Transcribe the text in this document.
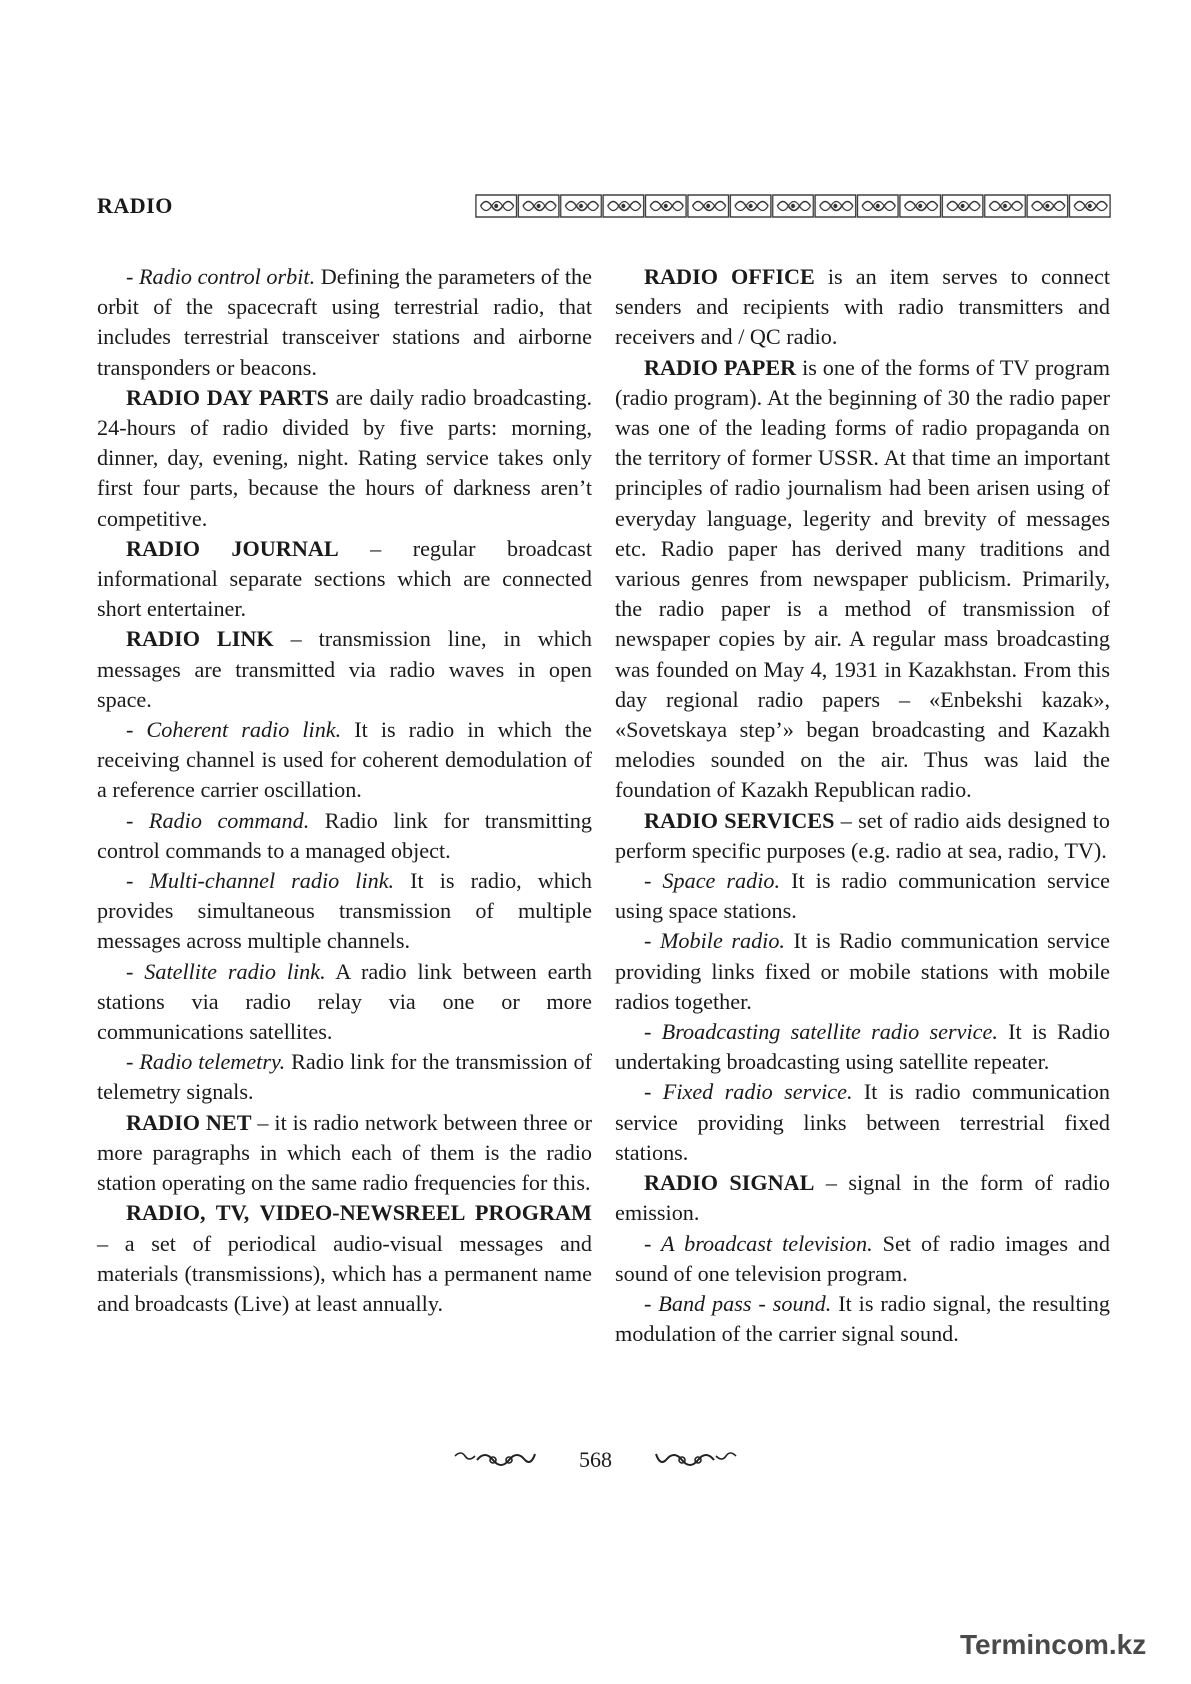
RADIO

- Radio control orbit. Defining the parameters of the orbit of the spacecraft using terrestrial radio, that includes terrestrial transceiver stations and airborne transponders or beacons.

RADIO DAY PARTS are daily radio broadcasting. 24-hours of radio divided by five parts: morning, dinner, day, evening, night. Rating service takes only first four parts, because the hours of darkness aren’t competitive.

RADIO JOURNAL – regular broadcast informational separate sections which are connected short entertainer.

RADIO LINK – transmission line, in which messages are transmitted via radio waves in open space.

- Coherent radio link. It is radio in which the receiving channel is used for coherent demodulation of a reference carrier oscillation.

- Radio command. Radio link for transmitting control commands to a managed object.

- Multi-channel radio link. It is radio, which provides simultaneous transmission of multiple messages across multiple channels.

- Satellite radio link. A radio link between earth stations via radio relay via one or more communications satellites.

- Radio telemetry. Radio link for the transmission of telemetry signals.

RADIO NET – it is radio network between three or more paragraphs in which each of them is the radio station operating on the same radio frequencies for this.

RADIO, TV, VIDEO-NEWSREEL PROGRAM – a set of periodical audio-visual messages and materials (transmissions), which has a permanent name and broadcasts (Live) at least annually.

RADIO OFFICE is an item serves to connect senders and recipients with radio transmitters and receivers and / QC radio.

RADIO PAPER is one of the forms of TV program (radio program). At the beginning of 30 the radio paper was one of the leading forms of radio propaganda on the territory of former USSR. At that time an important principles of radio journalism had been arisen using of everyday language, legerity and brevity of messages etc. Radio paper has derived many traditions and various genres from newspaper publicism. Primarily, the radio paper is a method of transmission of newspaper copies by air. A regular mass broadcasting was founded on May 4, 1931 in Kazakhstan. From this day regional radio papers – «Enbekshi kazak», «Sovetskaya step’» began broadcasting and Kazakh melodies sounded on the air. Thus was laid the foundation of Kazakh Republican radio.

RADIO SERVICES – set of radio aids designed to perform specific purposes (e.g. radio at sea, radio, TV).

- Space radio. It is radio communication service using space stations.

- Mobile radio. It is Radio communication service providing links fixed or mobile stations with mobile radios together.

- Broadcasting satellite radio service. It is Radio undertaking broadcasting using satellite repeater.

- Fixed radio service. It is radio communication service providing links between terrestrial fixed stations.

RADIO SIGNAL – signal in the form of radio emission.

- A broadcast television. Set of radio images and sound of one television program.

- Band pass - sound. It is radio signal, the resulting modulation of the carrier signal sound.

568
Termincom.kz
